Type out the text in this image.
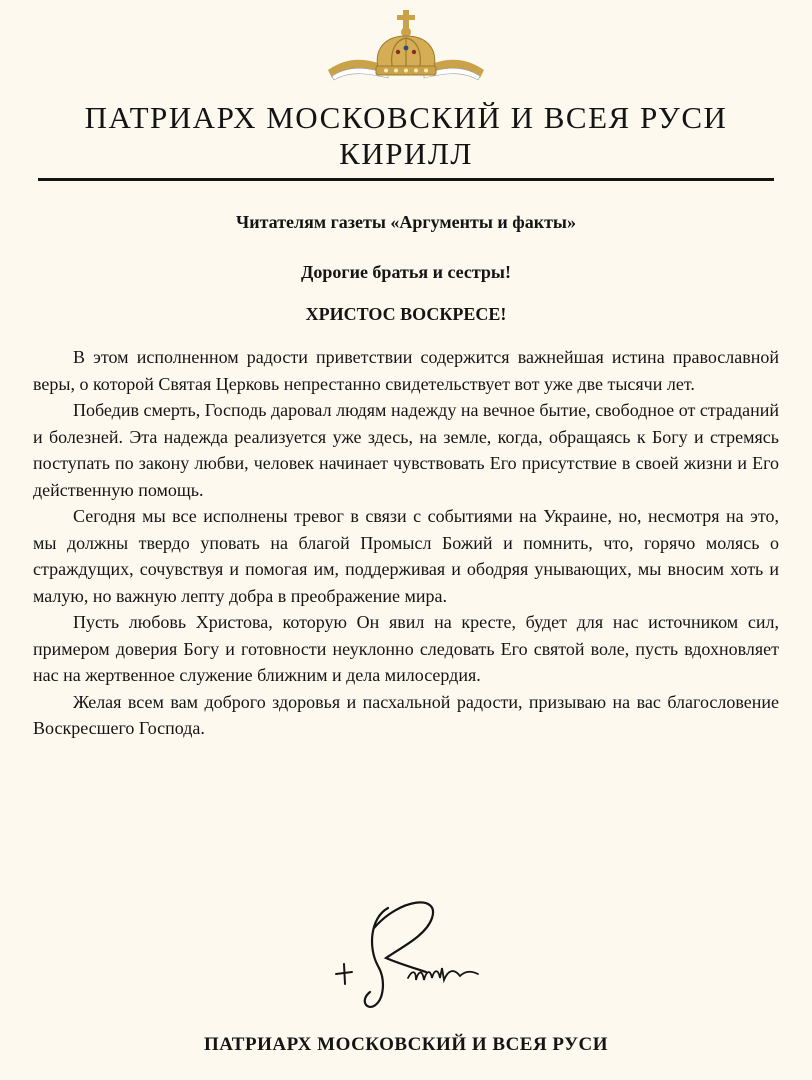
ПАТРИАРХ МОСКОВСКИЙ И ВСЕЯ РУСИ
КИРИЛЛ
Читателям газеты «Аргументы и факты»
Дорогие братья и сестры!
ХРИСТОС ВОСКРЕСЕ!

В этом исполненном радости приветствии содержится важнейшая истина православной веры, о которой Святая Церковь непрестанно свидетельствует вот уже две тысячи лет.

Победив смерть, Господь даровал людям надежду на вечное бытие, свободное от страданий и болезней. Эта надежда реализуется уже здесь, на земле, когда, обращаясь к Богу и стремясь поступать по закону любви, человек начинает чувствовать Его присутствие в своей жизни и Его действенную помощь.

Сегодня мы все исполнены тревог в связи с событиями на Украине, но, несмотря на это, мы должны твердо уповать на благой Промысл Божий и помнить, что, горячо молясь о страждущих, сочувствуя и помогая им, поддерживая и ободряя унывающих, мы вносим хоть и малую, но важную лепту добра в преображение мира.

Пусть любовь Христова, которую Он явил на кресте, будет для нас источником сил, примером доверия Богу и готовности неуклонно следовать Его святой воле, пусть вдохновляет нас на жертвенное служение ближним и дела милосердия.

Желая всем вам доброго здоровья и пасхальной радости, призываю на вас благословение Воскресшего Господа.

ПАТРИАРХ МОСКОВСКИЙ И ВСЕЯ РУСИ
